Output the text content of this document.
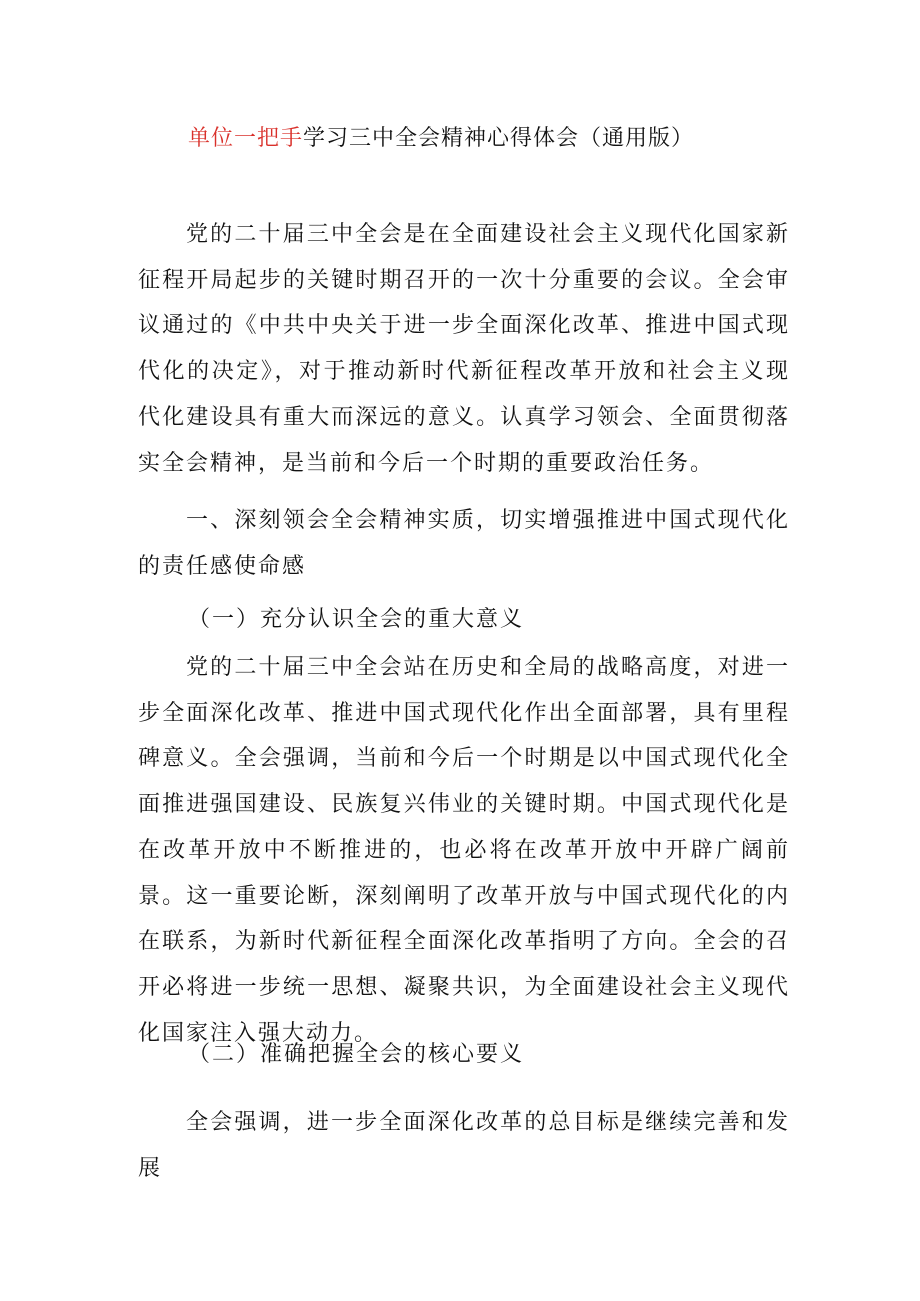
单位一把手学习三中全会精神心得体会（通用版）
党的二十届三中全会是在全面建设社会主义现代化国家新征程开局起步的关键时期召开的一次十分重要的会议。全会审议通过的《中共中央关于进一步全面深化改革、推进中国式现代化的决定》，对于推动新时代新征程改革开放和社会主义现代化建设具有重大而深远的意义。认真学习领会、全面贯彻落实全会精神，是当前和今后一个时期的重要政治任务。
一、深刻领会全会精神实质，切实增强推进中国式现代化的责任感使命感
（一）充分认识全会的重大意义
党的二十届三中全会站在历史和全局的战略高度，对进一步全面深化改革、推进中国式现代化作出全面部署，具有里程碑意义。全会强调，当前和今后一个时期是以中国式现代化全面推进强国建设、民族复兴伟业的关键时期。中国式现代化是在改革开放中不断推进的，也必将在改革开放中开辟广阔前景。这一重要论断，深刻阐明了改革开放与中国式现代化的内在联系，为新时代新征程全面深化改革指明了方向。全会的召开必将进一步统一思想、凝聚共识，为全面建设社会主义现代化国家注入强大动力。
（二）准确把握全会的核心要义
全会强调，进一步全面深化改革的总目标是继续完善和发展
